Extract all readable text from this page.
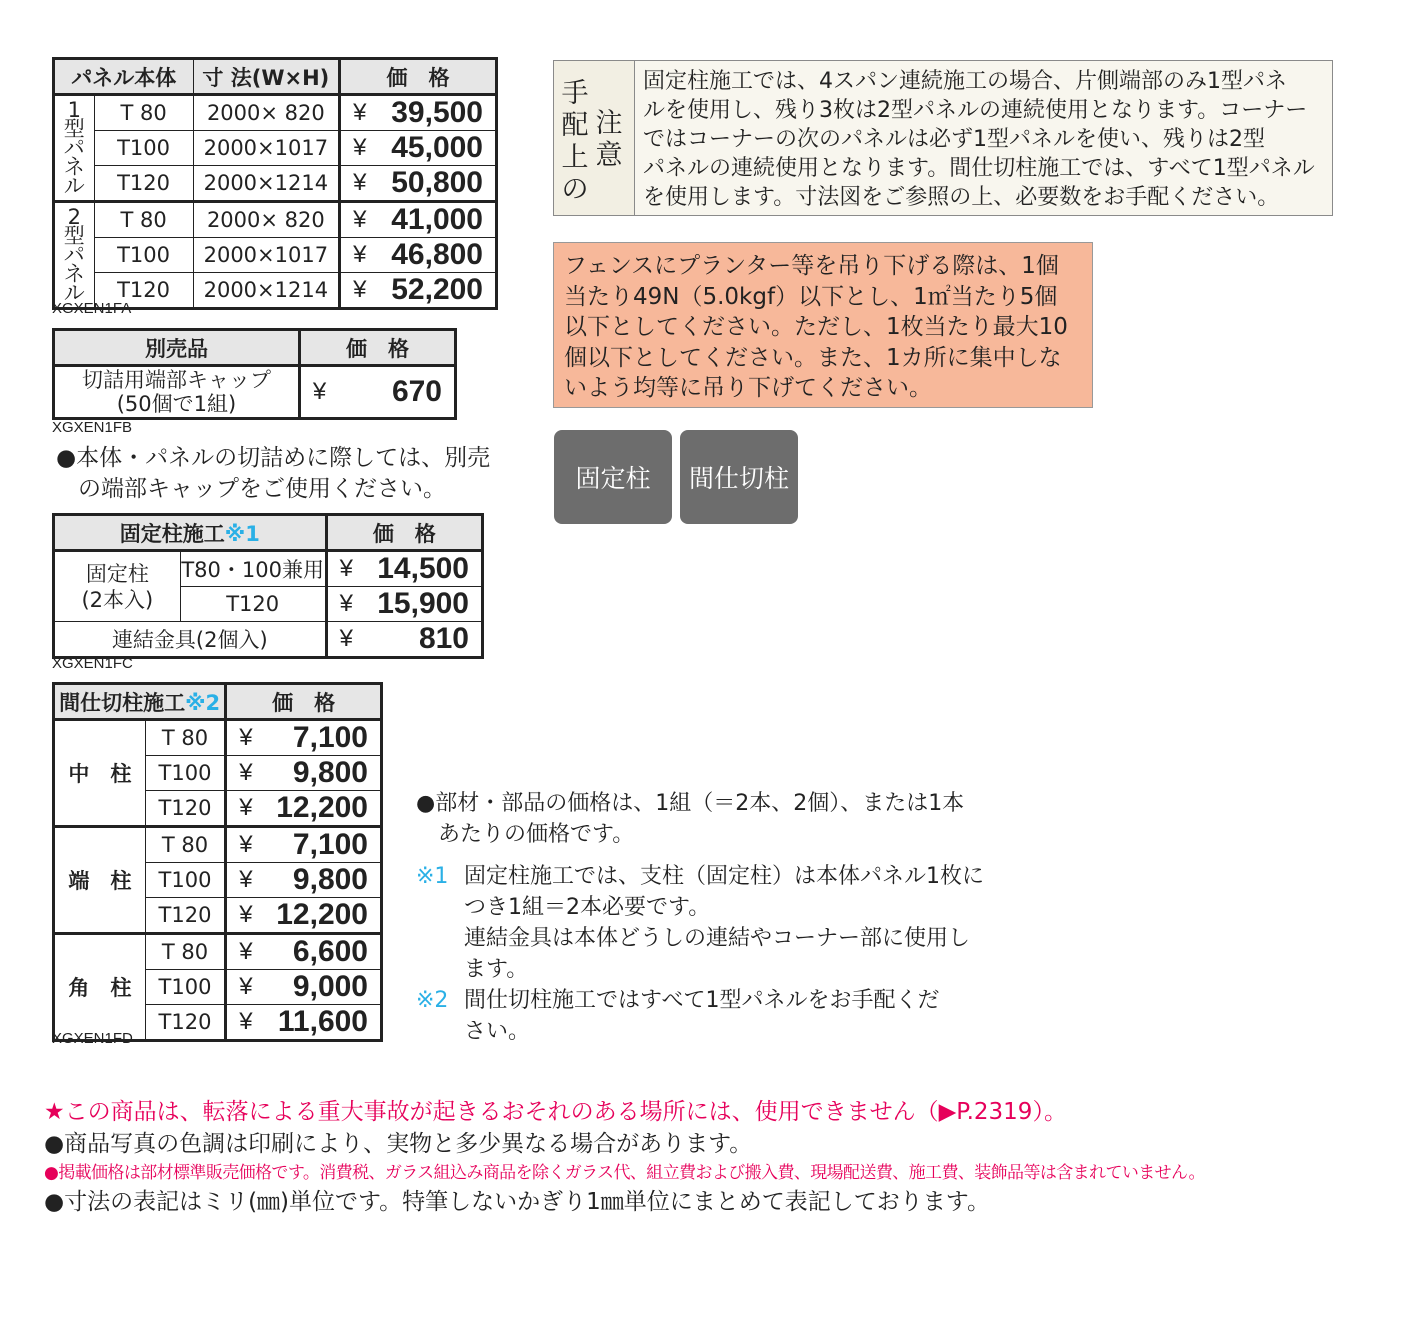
パネル本体		寸 法(W×H)	価　格
1
型
パ
ネ
ル	T 80	2000× 820	¥ 39,500
	T100	2000×1017	¥ 45,000
	T120	2000×1214	¥ 50,800
2
型
パ
ネ
ル	T 80	2000× 820	¥ 41,000
	T100	2000×1017	¥ 46,800
	T120	2000×1214	¥ 52,200
XGXEN1FA
別売品	価　格
切詰用端部キャップ
(50個で1組)	¥ 670
XGXEN1FB
●本体・パネルの切詰めに際しては、別売
の端部キャップをご使用ください。
固定柱施工※1		価　格
固定柱
(2本入)	T80・100兼用	¥ 14,500
	T120	¥ 15,900
連結金具(2個入)		¥ 810
XGXEN1FC
間仕切柱施工※2		価　格
中　柱	T 80	¥ 7,100
	T100	¥ 9,800
	T120	¥ 12,200
端　柱	T 80	¥ 7,100
	T100	¥ 9,800
	T120	¥ 12,200
角　柱	T 80	¥ 6,600
	T100	¥ 9,000
	T120	¥ 11,600
XGXEN1FD
手
配
上
の
注
意
固定柱施工では、4スパン連続施工の場合、片側端部のみ1型パネ
ルを使用し、残り3枚は2型パネルの連続使用となります。コーナー
ではコーナーの次のパネルは必ず1型パネルを使い、残りは2型
パネルの連続使用となります。間仕切柱施工では、すべて1型パネル
を使用します。寸法図をご参照の上、必要数をお手配ください。
フェンスにプランター等を吊り下げる際は、1個
当たり49N（5.0kgf）以下とし、1㎡当たり5個
以下としてください。ただし、1枚当たり最大10
個以下としてください。また、1カ所に集中しな
いよう均等に吊り下げてください。
固定柱	間仕切柱
●部材・部品の価格は、1組（＝2本、2個）、または1本
あたりの価格です。
※1 固定柱施工では、支柱（固定柱）は本体パネル1枚に
つき1組＝2本必要です。
連結金具は本体どうしの連結やコーナー部に使用し
ます。
※2 間仕切柱施工ではすべて1型パネルをお手配くだ
さい。
★この商品は、転落による重大事故が起きるおそれのある場所には、使用できません（▶P.2319）。
●商品写真の色調は印刷により、実物と多少異なる場合があります。
●掲載価格は部材標準販売価格です。消費税、ガラス組込み商品を除くガラス代、組立費および搬入費、現場配送費、施工費、装飾品等は含まれていません。
●寸法の表記はミリ(㎜)単位です。特筆しないかぎり1㎜単位にまとめて表記しております。
